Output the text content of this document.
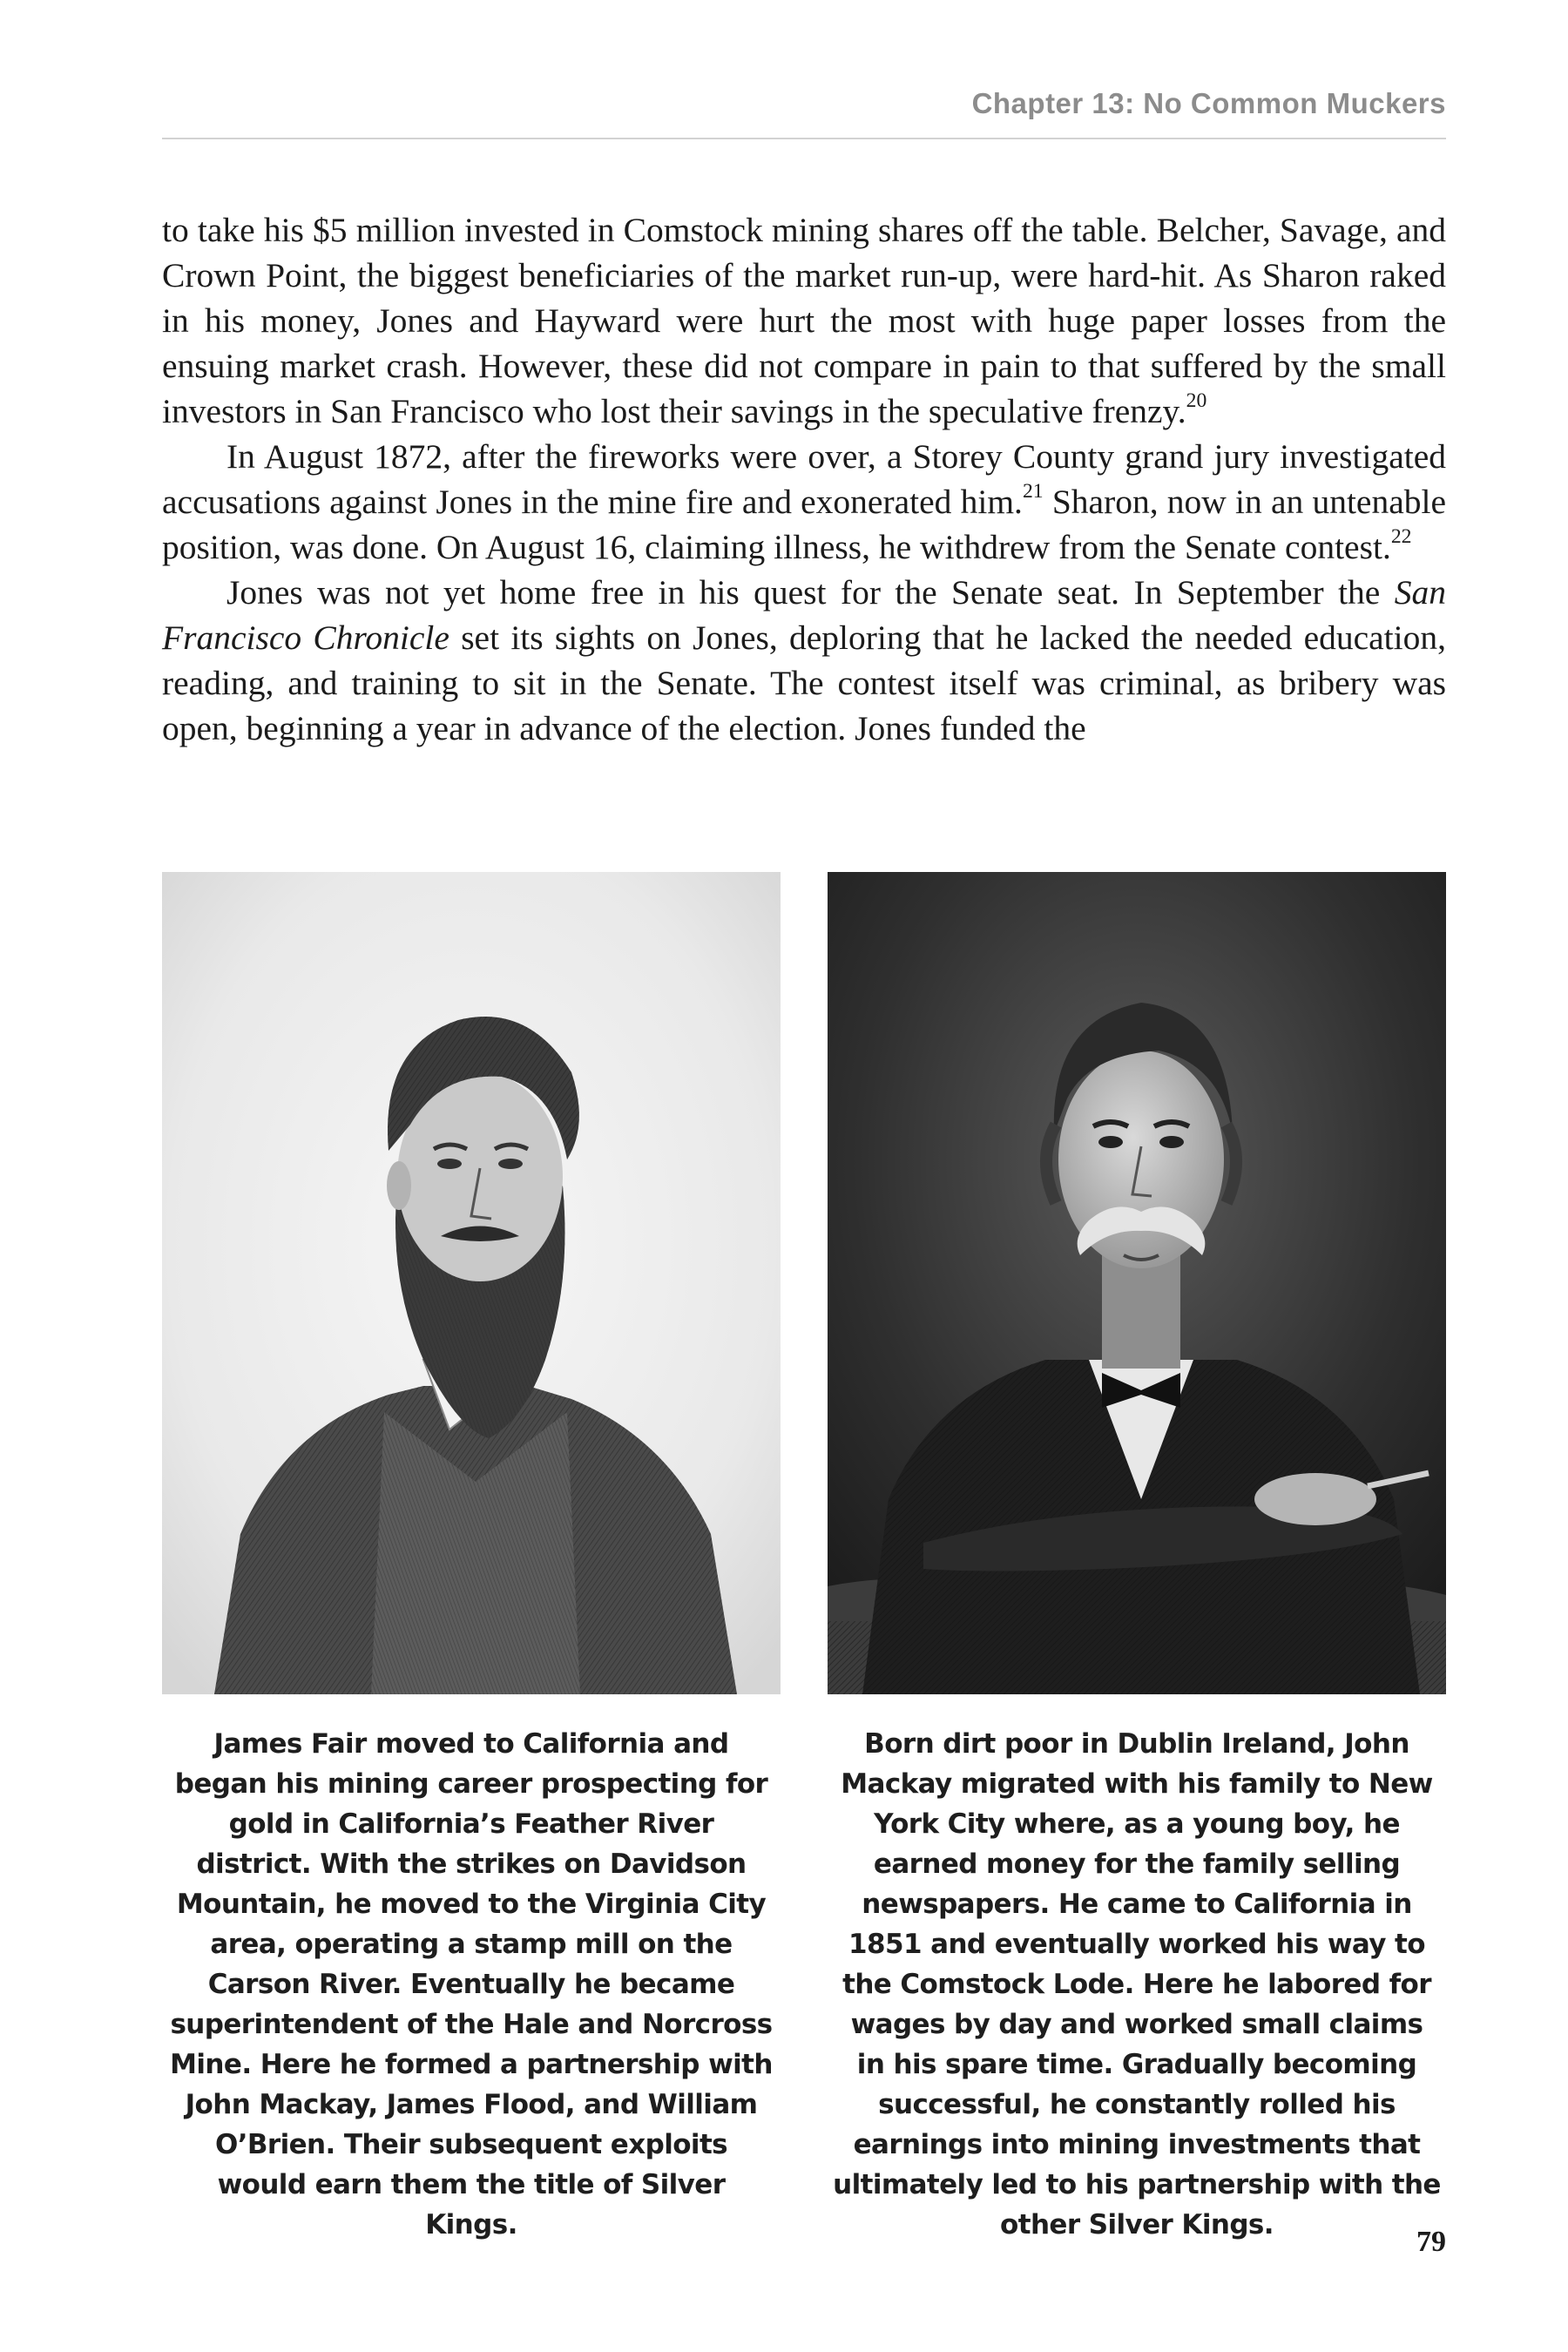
Chapter 13: No Common Muckers

to take his $5 million invested in Comstock mining shares off the table. Belcher, Savage, and Crown Point, the biggest beneficiaries of the market run-up, were hard-hit. As Sharon raked in his money, Jones and Hayward were hurt the most with huge paper losses from the ensuing market crash. However, these did not compare in pain to that suffered by the small investors in San Francisco who lost their savings in the speculative frenzy.$^{20}$

In August 1872, after the fireworks were over, a Storey County grand jury investigated accusations against Jones in the mine fire and exonerated him.$^{21}$ Sharon, now in an untenable position, was done. On August 16, claiming illness, he withdrew from the Senate contest.$^{22}$

Jones was not yet home free in his quest for the Senate seat. In September the San Francisco Chronicle set its sights on Jones, deploring that he lacked the needed education, reading, and training to sit in the Senate. The contest itself was criminal, as bribery was open, beginning a year in advance of the election. Jones funded the

James Fair moved to California and began his mining career prospecting for gold in California’s Feather River district. With the strikes on Davidson Mountain, he moved to the Virginia City area, operating a stamp mill on the Carson River. Eventually he became superintendent of the Hale and Norcross Mine. Here he formed a partnership with John Mackay, James Flood, and William O’Brien. Their subsequent exploits would earn them the title of Silver Kings.
Born dirt poor in Dublin Ireland, John Mackay migrated with his family to New York City where, as a young boy, he earned money for the family selling newspapers. He came to California in 1851 and eventually worked his way to the Comstock Lode. Here he labored for wages by day and worked small claims in his spare time. Gradually becoming successful, he constantly rolled his earnings into mining investments that ultimately led to his partnership with the other Silver Kings.
79
